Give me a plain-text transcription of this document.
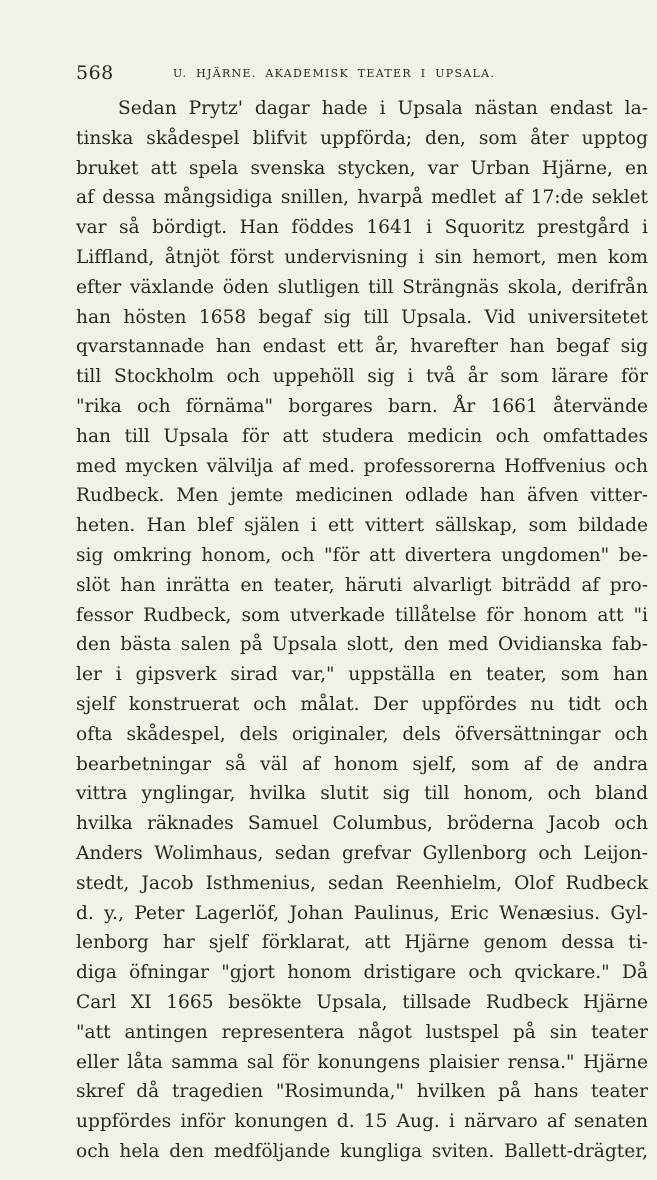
568	U. HJÄRNE. AKADEMISK TEATER I UPSALA.
Sedan Prytz' dagar hade i Upsala nästan endast la-
tinska skådespel blifvit uppförda; den, som åter upptog
bruket att spela svenska stycken, var Urban Hjärne, en
af dessa mångsidiga snillen, hvarpå medlet af 17:de seklet
var så bördigt. Han föddes 1641 i Squoritz prestgård i
Liffland, åtnjöt först undervisning i sin hemort, men kom
efter växlande öden slutligen till Strängnäs skola, derifrån
han hösten 1658 begaf sig till Upsala. Vid universitetet
qvarstannade han endast ett år, hvarefter han begaf sig
till Stockholm och uppehöll sig i två år som lärare för
"rika och förnäma" borgares barn. År 1661 återvände
han till Upsala för att studera medicin och omfattades
med mycken välvilja af med. professorerna Hoffvenius och
Rudbeck. Men jemte medicinen odlade han äfven vitter-
heten. Han blef själen i ett vittert sällskap, som bildade
sig omkring honom, och "för att divertera ungdomen" be-
slöt han inrätta en teater, häruti alvarligt biträdd af pro-
fessor Rudbeck, som utverkade tillåtelse för honom att "i
den bästa salen på Upsala slott, den med Ovidianska fab-
ler i gipsverk sirad var," uppställa en teater, som han
sjelf konstruerat och målat. Der uppfördes nu tidt och
ofta skådespel, dels originaler, dels öfversättningar och
bearbetningar så väl af honom sjelf, som af de andra
vittra ynglingar, hvilka slutit sig till honom, och bland
hvilka räknades Samuel Columbus, bröderna Jacob och
Anders Wolimhaus, sedan grefvar Gyllenborg och Leijon-
stedt, Jacob Isthmenius, sedan Reenhielm, Olof Rudbeck
d. y., Peter Lagerlöf, Johan Paulinus, Eric Wenæsius. Gyl-
lenborg har sjelf förklarat, att Hjärne genom dessa ti-
diga öfningar "gjort honom dristigare och qvickare." Då
Carl XI 1665 besökte Upsala, tillsade Rudbeck Hjärne
"att antingen representera något lustspel på sin teater
eller låta samma sal för konungens plaisier rensa." Hjärne
skref då tragedien "Rosimunda," hvilken på hans teater
uppfördes inför konungen d. 15 Aug. i närvaro af senaten
och hela den medföljande kungliga sviten. Ballett-drägter,
